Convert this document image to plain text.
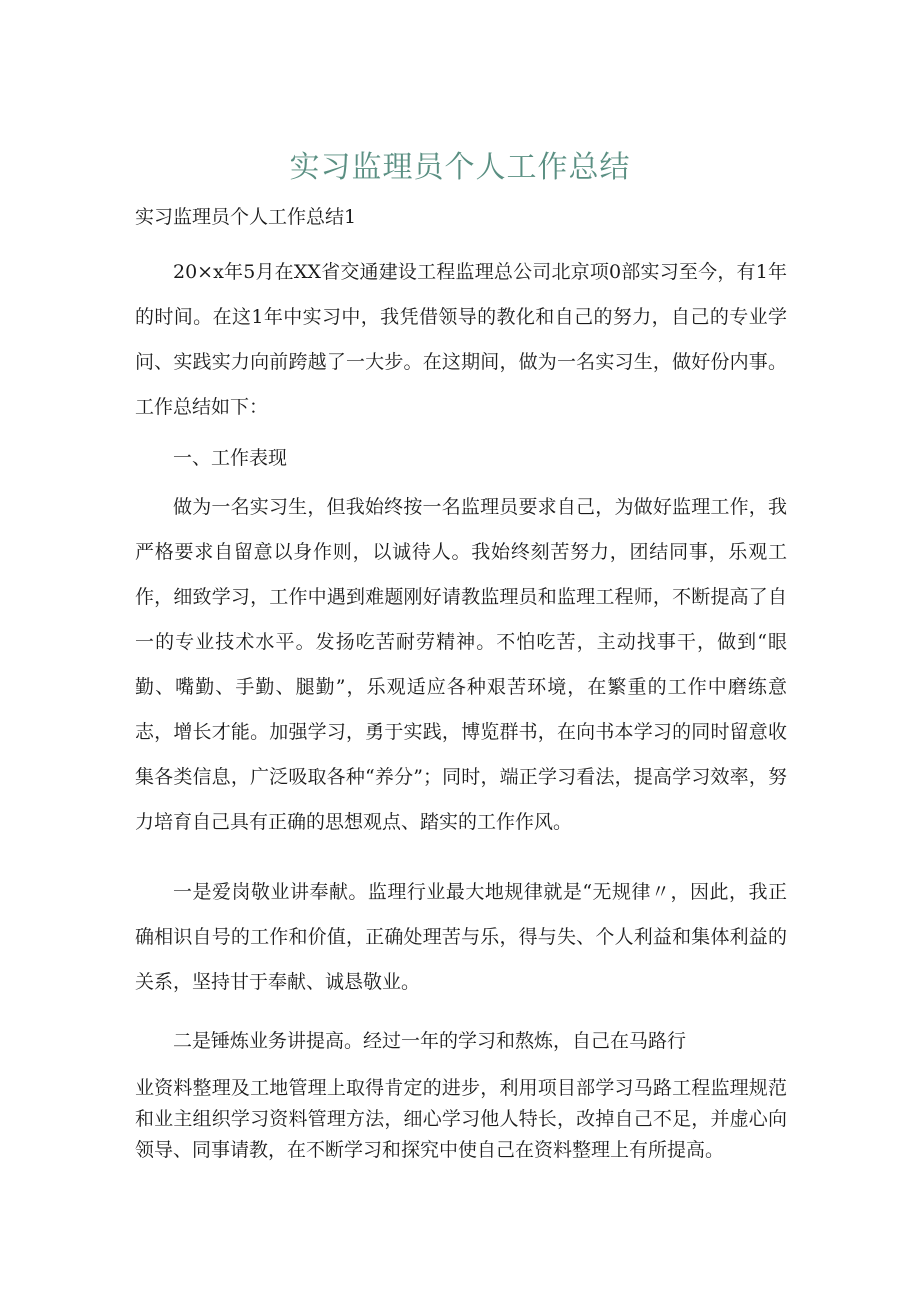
实习监理员个人工作总结

实习监理员个人工作总结1

20×x年5月在XX省交通建设工程监理总公司北京项0部实习至今，有1年的时间。在这1年中实习中，我凭借领导的教化和自己的努力，自己的专业学问、实践实力向前跨越了一大步。在这期间，做为一名实习生，做好份内事。工作总结如下：

一、工作表现

做为一名实习生，但我始终按一名监理员要求自己，为做好监理工作，我严格要求自留意以身作则，以诚待人。我始终刻苦努力，团结同事，乐观工作，细致学习，工作中遇到难题刚好请教监理员和监理工程师，不断提高了自一的专业技术水平。发扬吃苦耐劳精神。不怕吃苦，主动找事干，做到“眼勤、嘴勤、手勤、腿勤”，乐观适应各种艰苦环境，在繁重的工作中磨练意志，增长才能。加强学习，勇于实践，博览群书，在向书本学习的同时留意收集各类信息，广泛吸取各种“养分”；同时，端正学习看法，提高学习效率，努力培育自己具有正确的思想观点、踏实的工作作风。

一是爱岗敬业讲奉献。监理行业最大地规律就是“无规律〃，因此，我正确相识自号的工作和价值，正确处理苦与乐，得与失、个人利益和集体利益的关系，坚持甘于奉献、诚恳敬业。

二是锤炼业务讲提高。经过一年的学习和熬炼，自己在马路行

业资料整理及工地管理上取得肯定的进步，利用项目部学习马路工程监理规范和业主组织学习资料管理方法，细心学习他人特长，改掉自己不足，并虚心向领导、同事请教，在不断学习和探究中使自己在资料整理上有所提高。
